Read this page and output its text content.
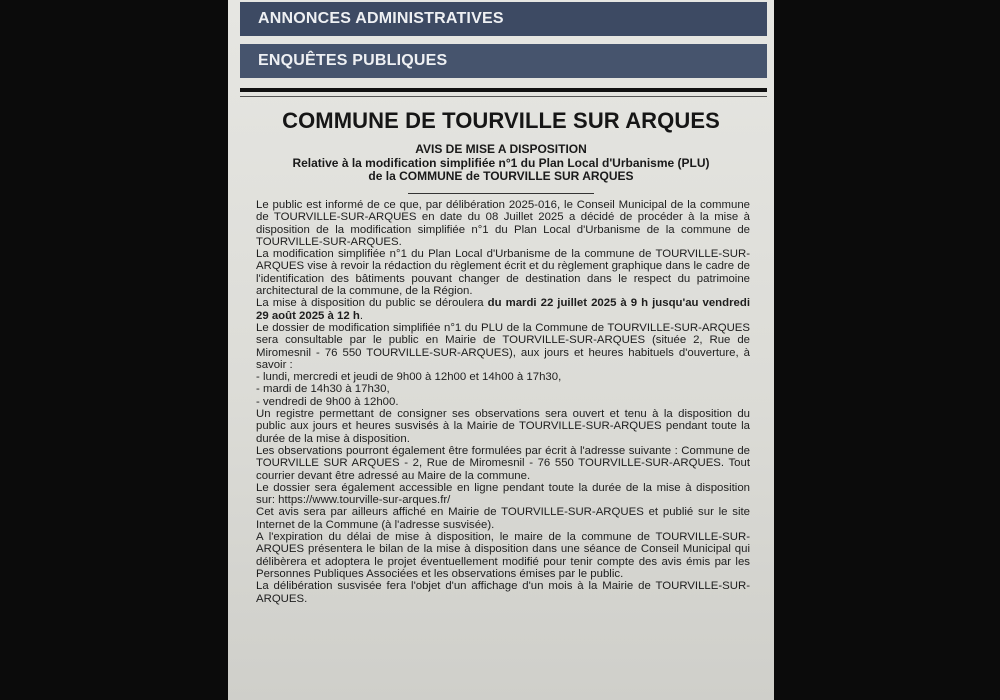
ANNONCES ADMINISTRATIVES
ENQUÊTES PUBLIQUES
COMMUNE DE TOURVILLE SUR ARQUES
AVIS DE MISE A DISPOSITION
Relative à la modification simplifiée n°1 du Plan Local d'Urbanisme (PLU)
de la COMMUNE de TOURVILLE SUR ARQUES

Le public est informé de ce que, par délibération 2025-016, le Conseil Municipal de la commune de TOURVILLE-SUR-ARQUES en date du 08 Juillet 2025 a décidé de procéder à la mise à disposition de la modification simplifiée n°1 du Plan Local d'Urbanisme de la commune de TOURVILLE-SUR-ARQUES.

La modification simplifiée n°1 du Plan Local d'Urbanisme de la commune de TOURVILLE-SUR-ARQUES vise à revoir la rédaction du règlement écrit et du règlement graphique dans le cadre de l'identification des bâtiments pouvant changer de destination dans le respect du patrimoine architectural de la commune, de la Région.

La mise à disposition du public se déroulera du mardi 22 juillet 2025 à 9 h jusqu'au vendredi 29 août 2025 à 12 h.

Le dossier de modification simplifiée n°1 du PLU de la Commune de TOURVILLE-SUR-ARQUES sera consultable par le public en Mairie de TOURVILLE-SUR-ARQUES (située 2, Rue de Miromesnil - 76 550 TOURVILLE-SUR-ARQUES), aux jours et heures habituels d'ouverture, à savoir :

- lundi, mercredi et jeudi de 9h00 à 12h00 et 14h00 à 17h30,

- mardi de 14h30 à 17h30,

- vendredi de 9h00 à 12h00.

Un registre permettant de consigner ses observations sera ouvert et tenu à la disposition du public aux jours et heures susvisés à la Mairie de TOURVILLE-SUR-ARQUES pendant toute la durée de la mise à disposition.

Les observations pourront également être formulées par écrit à l'adresse suivante : Commune de TOURVILLE SUR ARQUES - 2, Rue de Miromesnil - 76 550 TOURVILLE-SUR-ARQUES. Tout courrier devant être adressé au Maire de la commune.

Le dossier sera également accessible en ligne pendant toute la durée de la mise à disposition sur: https://www.tourville-sur-arques.fr/

Cet avis sera par ailleurs affiché en Mairie de TOURVILLE-SUR-ARQUES et publié sur le site Internet de la Commune (à l'adresse susvisée).

A l'expiration du délai de mise à disposition, le maire de la commune de TOURVILLE-SUR-ARQUES présentera le bilan de la mise à disposition dans une séance de Conseil Municipal qui délibèrera et adoptera le projet éventuellement modifié pour tenir compte des avis émis par les Personnes Publiques Associées et les observations émises par le public.

La délibération susvisée fera l'objet d'un affichage d'un mois à la Mairie de TOURVILLE-SUR-ARQUES.
